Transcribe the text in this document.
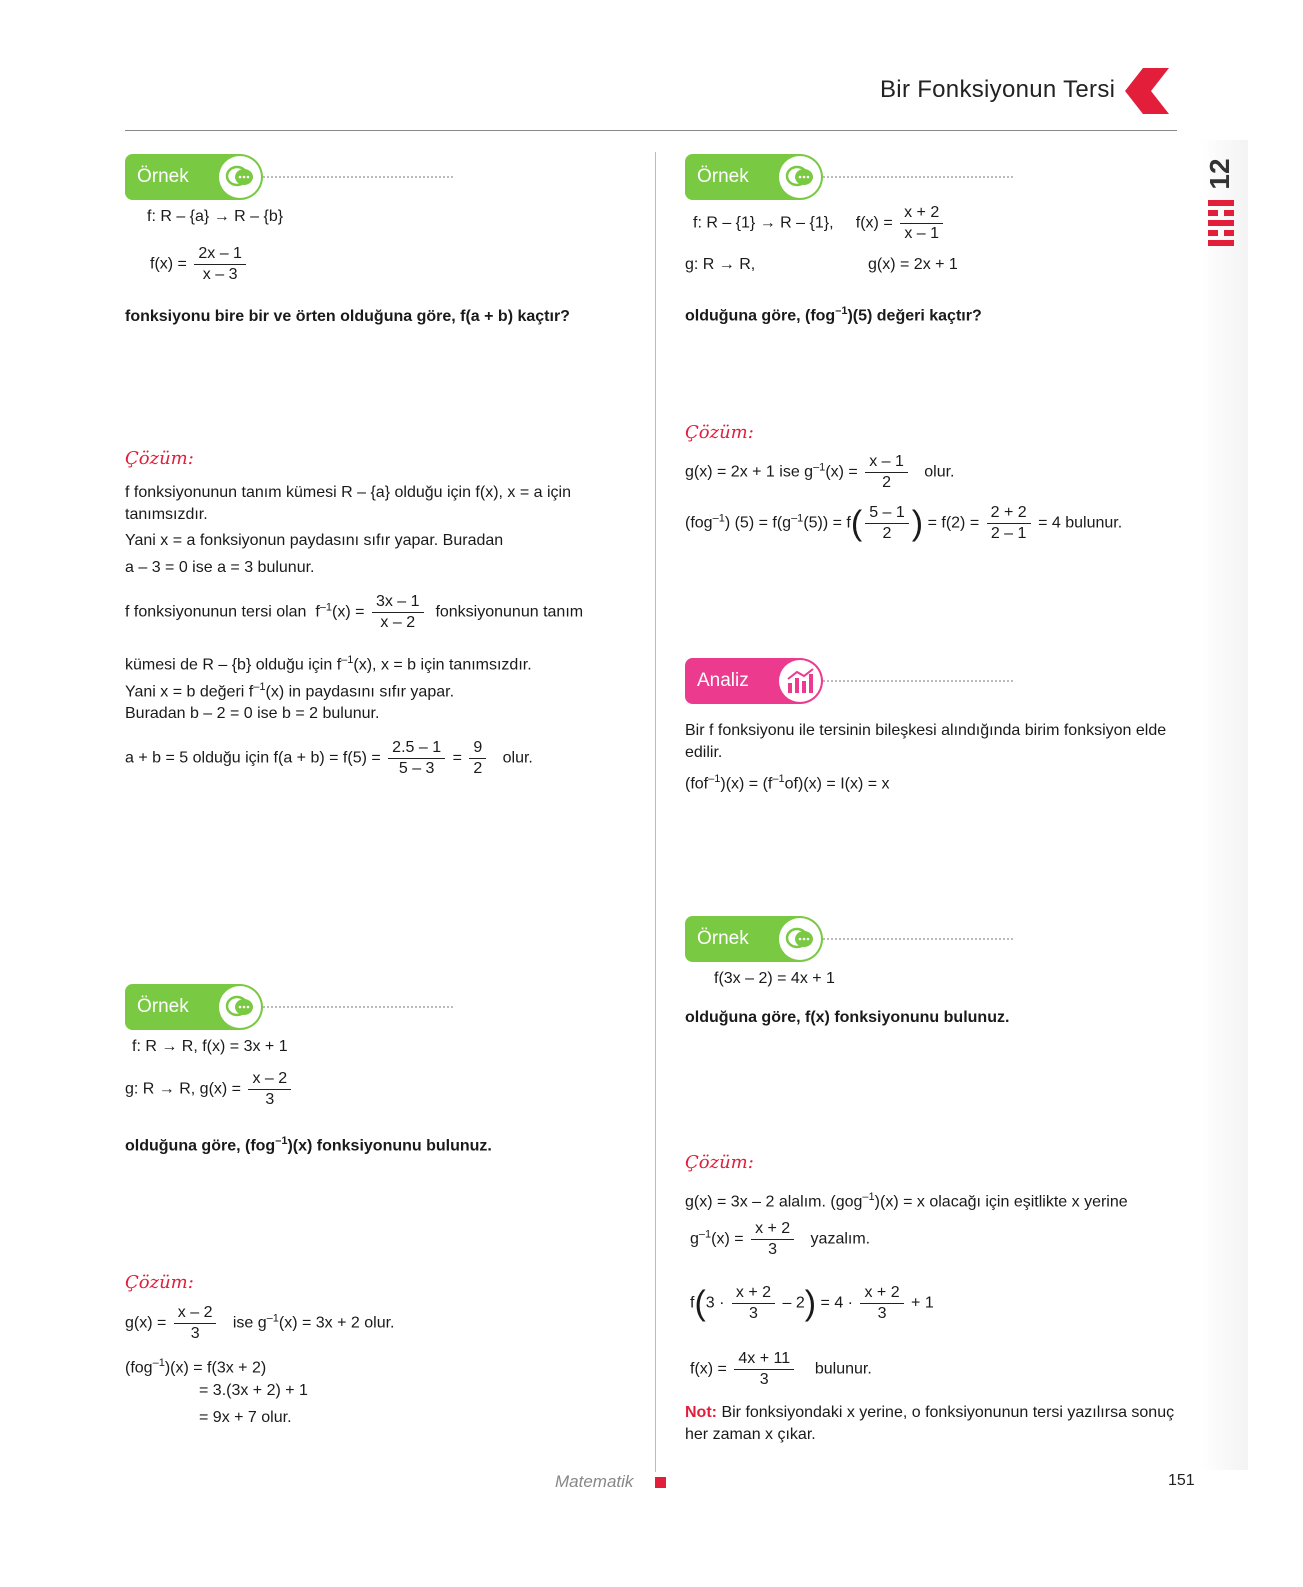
Bir Fonksiyonun Tersi
12
Örnek
f: R – {a} → R – {b}
$f(x) = \frac{2x - 1}{x - 3}$
fonksiyonu bire bir ve örten olduğuna göre, f(a + b) kaçtır?
Çözüm:
f fonksiyonunun tanım kümesi R – {a} olduğu için f(x), x = a için tanımsızdır.
Yani x = a fonksiyonun paydasını sıfır yapar. Buradan
a – 3 = 0 ise a = 3 bulunur.
f fonksiyonunun tersi olan $f^{-1}(x) = \frac{3x - 1}{x - 2}$ fonksiyonunun tanım
kümesi de R – {b} olduğu için $f^{-1}(x)$, x = b için tanımsızdır.
Yani x = b değeri $f^{-1}(x)$ in paydasını sıfır yapar.
Buradan b – 2 = 0 ise b = 2 bulunur.
a + b = 5 olduğu için $f(a + b) = f(5) = \frac{2.5 - 1}{5 - 3} = \frac{9}{2}$ olur.
Örnek
f: R → R, f(x) = 3x + 1
g: R → R, $g(x) = \frac{x - 2}{3}$
olduğuna göre, (fog$^{-1}$)(x) fonksiyonunu bulunuz.
Çözüm:
$g(x) = \frac{x - 2}{3}$ ise $g^{-1}(x) = 3x + 2$ olur.
(fog$^{-1}$)(x) = f(3x + 2)
= 3.(3x + 2) + 1
= 9x + 7 olur.
Örnek
f: R – {1} → R – {1}, $f(x) = \frac{x + 2}{x - 1}$
g: R → R,	g(x) = 2x + 1
olduğuna göre, (fog$^{-1}$)(5) değeri kaçtır?
Çözüm:
g(x) = 2x + 1 ise $g^{-1}(x) = \frac{x - 1}{2}$ olur.
(fog$^{-1}$) $(5) = f(g^{-1}(5)) = f( \frac{5 - 1}{2}$ ) = $f(2) = \frac{2 + 2}{2 - 1} = 4$ bulunur.
Analiz
Bir f fonksiyonu ile tersinin bileşkesi alındığında birim fonksiyon elde edilir.
$(fof^{-1})(x) = (f^{-1}of)(x) = I(x) = x$
Örnek
f(3x – 2) = 4x + 1
olduğuna göre, f(x) fonksiyonunu bulunuz.
Çözüm:
g(x) = 3x – 2 alalım. (gog$^{-1}$)(x) = x olacağı için eşitlikte x yerine
$g^{-1}(x) = \frac{x + 2}{3}$ yazalım.
$f(3 \cdot \frac{x + 2}{3} - 2) = 4 \cdot \frac{x + 2}{3} + 1$
$f(x) = \frac{4x + 11}{3}$ bulunur.
Not: Bir fonksiyondaki x yerine, o fonksiyonunun tersi yazılırsa sonuç her zaman x çıkar.
Matematik	151
